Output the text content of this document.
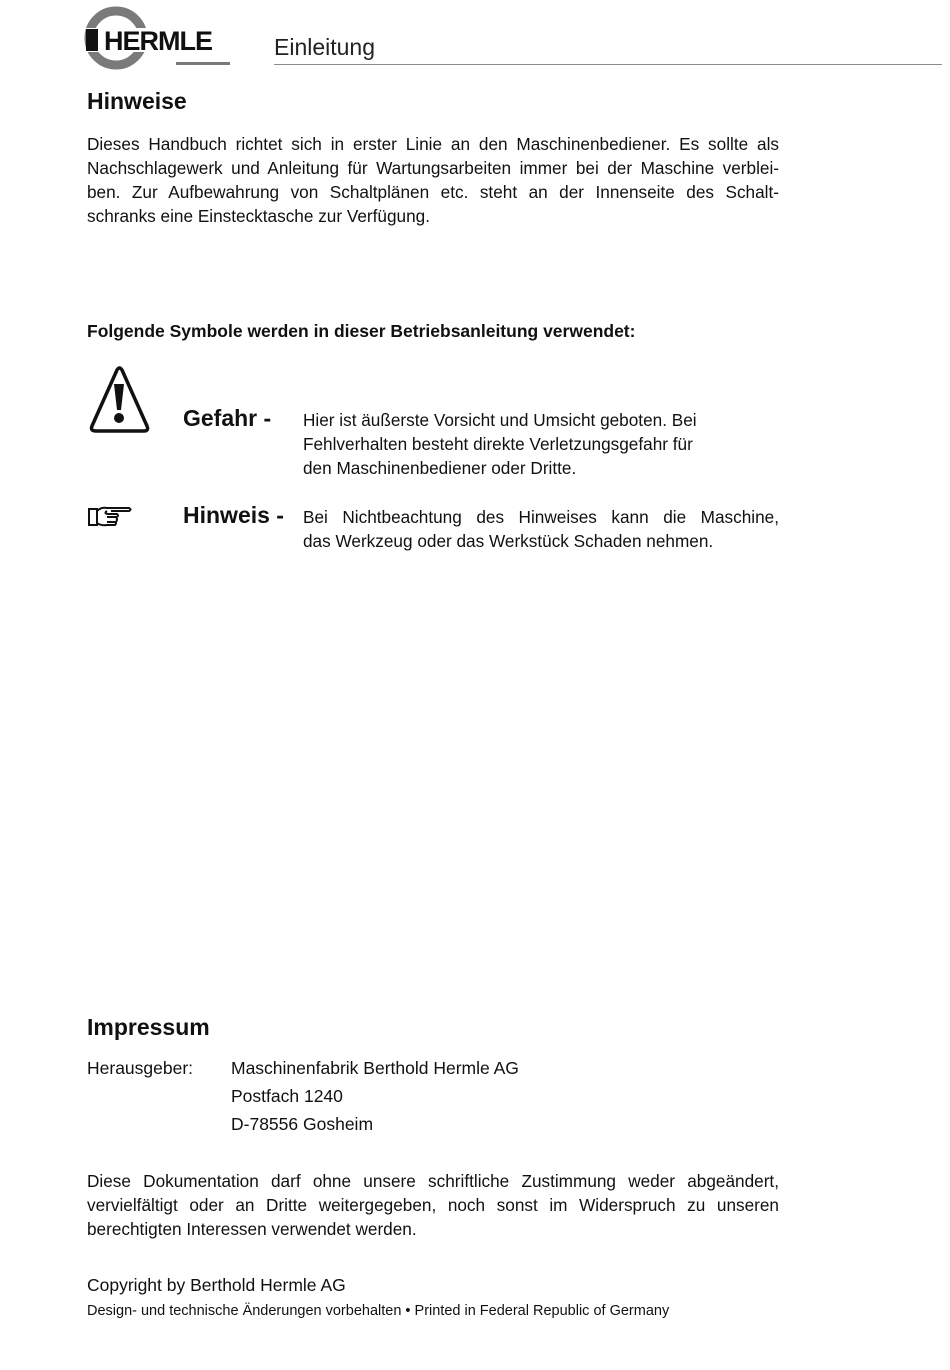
HERMLE	Einleitung
Hinweise
Dieses Handbuch richtet sich in erster Linie an den Maschinenbediener. Es sollte als
Nachschlagewerk und Anleitung für Wartungsarbeiten immer bei der Maschine verblei-
ben. Zur Aufbewahrung von Schaltplänen etc. steht an der Innenseite des Schalt-
schranks eine Einstecktasche zur Verfügung.
Folgende Symbole werden in dieser Betriebsanleitung verwendet:
Gefahr - Hier ist äußerste Vorsicht und Umsicht geboten. Bei
Fehlverhalten besteht direkte Verletzungsgefahr für
den Maschinenbediener oder Dritte.
Hinweis - Bei Nichtbeachtung des Hinweises kann die Maschine,
das Werkzeug oder das Werkstück Schaden nehmen.
Impressum
Herausgeber: Maschinenfabrik Berthold Hermle AG
Postfach 1240
D-78556 Gosheim
Diese Dokumentation darf ohne unsere schriftliche Zustimmung weder abgeändert,
vervielfältigt oder an Dritte weitergegeben, noch sonst im Widerspruch zu unseren
berechtigten Interessen verwendet werden.
Copyright by Berthold Hermle AG
Design- und technische Änderungen vorbehalten • Printed in Federal Republic of Germany
